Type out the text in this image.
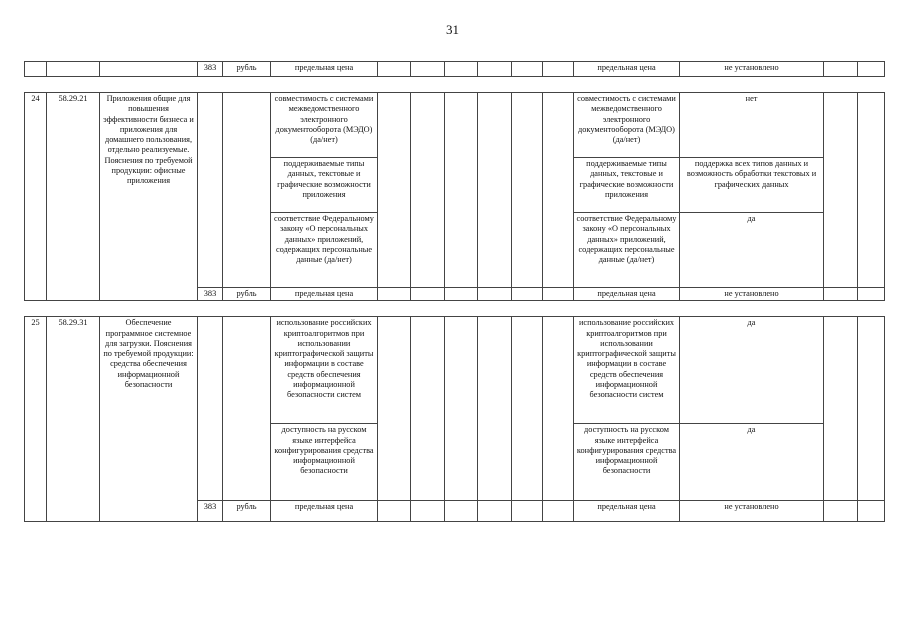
31
			383	рубль	предельная цена							предельная цена	не установлено		

24	58.29.21	Приложения общие для повышения эффективности бизнеса и приложения для домашнего пользования, отдельно реализуемые. Пояснения по требуемой продукции: офисные приложения			совместимость с системами межведомственного электронного документооборота (МЭДО) (да/нет)							совместимость с системами межведомственного электронного документооборота (МЭДО) (да/нет)	нет		
					поддерживаемые типы данных, текстовые и графические возможности приложения							поддерживаемые типы данных, текстовые и графические возможности приложения	поддержка всех типов данных и возможность обработки текстовых и графических данных		
					соответствие Федеральному закону «О персональных данных» приложений, содержащих персональные данные (да/нет)							соответствие Федеральному закону «О персональных данных» приложений, содержащих персональные данные (да/нет)	да		
			383	рубль	предельная цена							предельная цена	не установлено		

25	58.29.31	Обеспечение программное системное для загрузки. Пояснения по требуемой продукции: средства обеспечения информационной безопасности			использование российских криптоалгоритмов при использовании криптографической защиты информации в составе средств обеспечения информационной безопасности систем							использование российских криптоалгоритмов при использовании криптографической защиты информации в составе средств обеспечения информационной безопасности систем	да		
					доступность на русском языке интерфейса конфигурирования средства информационной безопасности							доступность на русском языке интерфейса конфигурирования средства информационной безопасности	да		
			383	рубль	предельная цена							предельная цена	не установлено		
